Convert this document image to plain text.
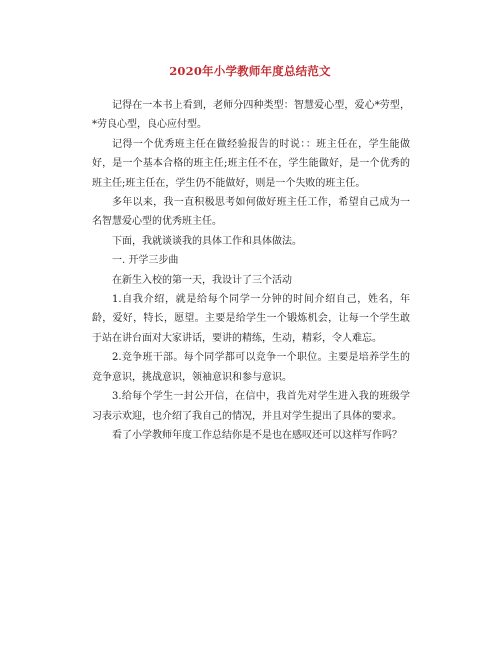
2020年小学教师年度总结范文

记得在一本书上看到，老师分四种类型：智慧爱心型，爱心*劳型，*劳良心型，良心应付型。

记得一个优秀班主任在做经验报告的时说：：班主任在，学生能做好，是一个基本合格的班主任;班主任不在，学生能做好，是一个优秀的班主任;班主任在，学生仍不能做好，则是一个失败的班主任。

多年以来，我一直积极思考如何做好班主任工作，希望自己成为一名智慧爱心型的优秀班主任。

下面，我就谈谈我的具体工作和具体做法。

一. 开学三步曲

在新生入校的第一天，我设计了三个活动

1.自我介绍，就是给每个同学一分钟的时间介绍自己，姓名，年龄，爱好，特长，愿望。主要是给学生一个锻炼机会，让每一个学生敢于站在讲台面对大家讲话，要讲的精练，生动，精彩，令人难忘。

2.竞争班干部。每个同学都可以竞争一个职位。主要是培养学生的竞争意识，挑战意识，领袖意识和参与意识。

3.给每个学生一封公开信，在信中，我首先对学生进入我的班级学习表示欢迎，也介绍了我自己的情况，并且对学生提出了具体的要求。

看了小学教师年度工作总结你是不是也在感叹还可以这样写作吗？
